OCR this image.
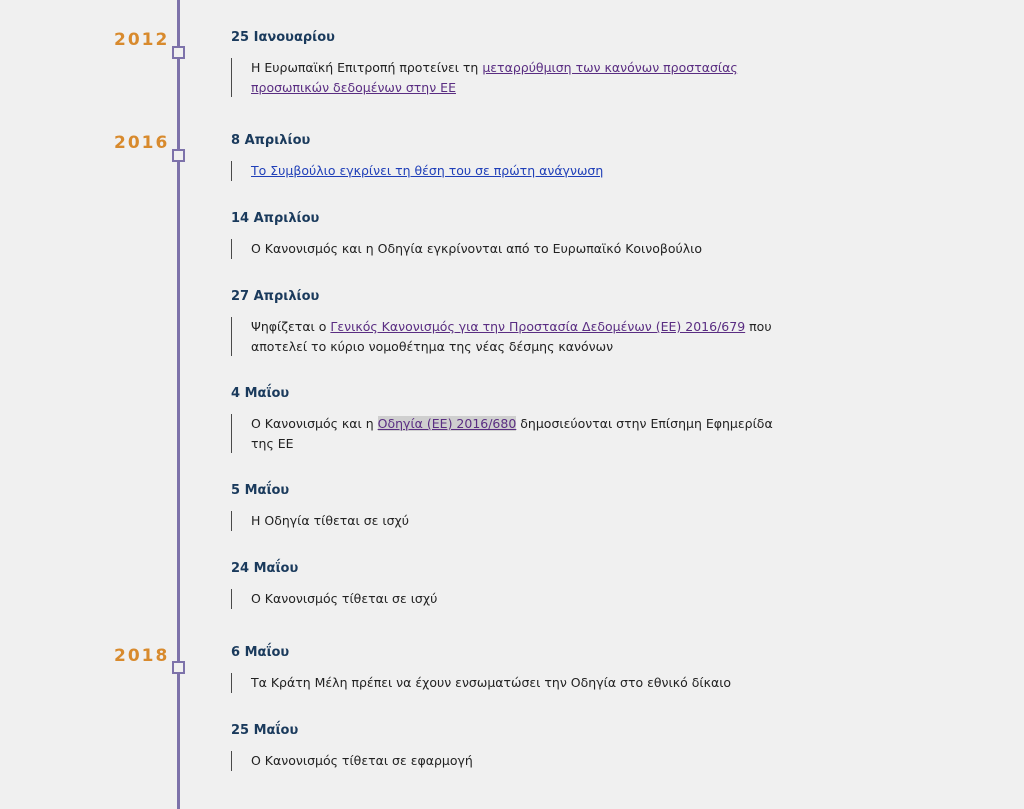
2012
2016
2018
25 Ιανουαρίου
Η Ευρωπαϊκή Επιτροπή προτείνει τη μεταρρύθμιση των κανόνων προστασίας προσωπικών δεδομένων στην ΕΕ
8 Απριλίου
Το Συμβούλιο εγκρίνει τη θέση του σε πρώτη ανάγνωση
14 Απριλίου
Ο Κανονισμός και η Οδηγία εγκρίνονται από το Ευρωπαϊκό Κοινοβούλιο
27 Απριλίου
Ψηφίζεται ο Γενικός Κανονισμός για την Προστασία Δεδομένων (ΕΕ) 2016/679 που αποτελεί το κύριο νομοθέτημα της νέας δέσμης κανόνων
4 Μαΐου
Ο Κανονισμός και η Οδηγία (ΕΕ) 2016/680 δημοσιεύονται στην Επίσημη Εφημερίδα της ΕΕ
5 Μαΐου
Η Οδηγία τίθεται σε ισχύ
24 Μαΐου
Ο Κανονισμός τίθεται σε ισχύ
6 Μαΐου
Τα Κράτη Μέλη πρέπει να έχουν ενσωματώσει την Οδηγία στο εθνικό δίκαιο
25 Μαΐου
Ο Κανονισμός τίθεται σε εφαρμογή
